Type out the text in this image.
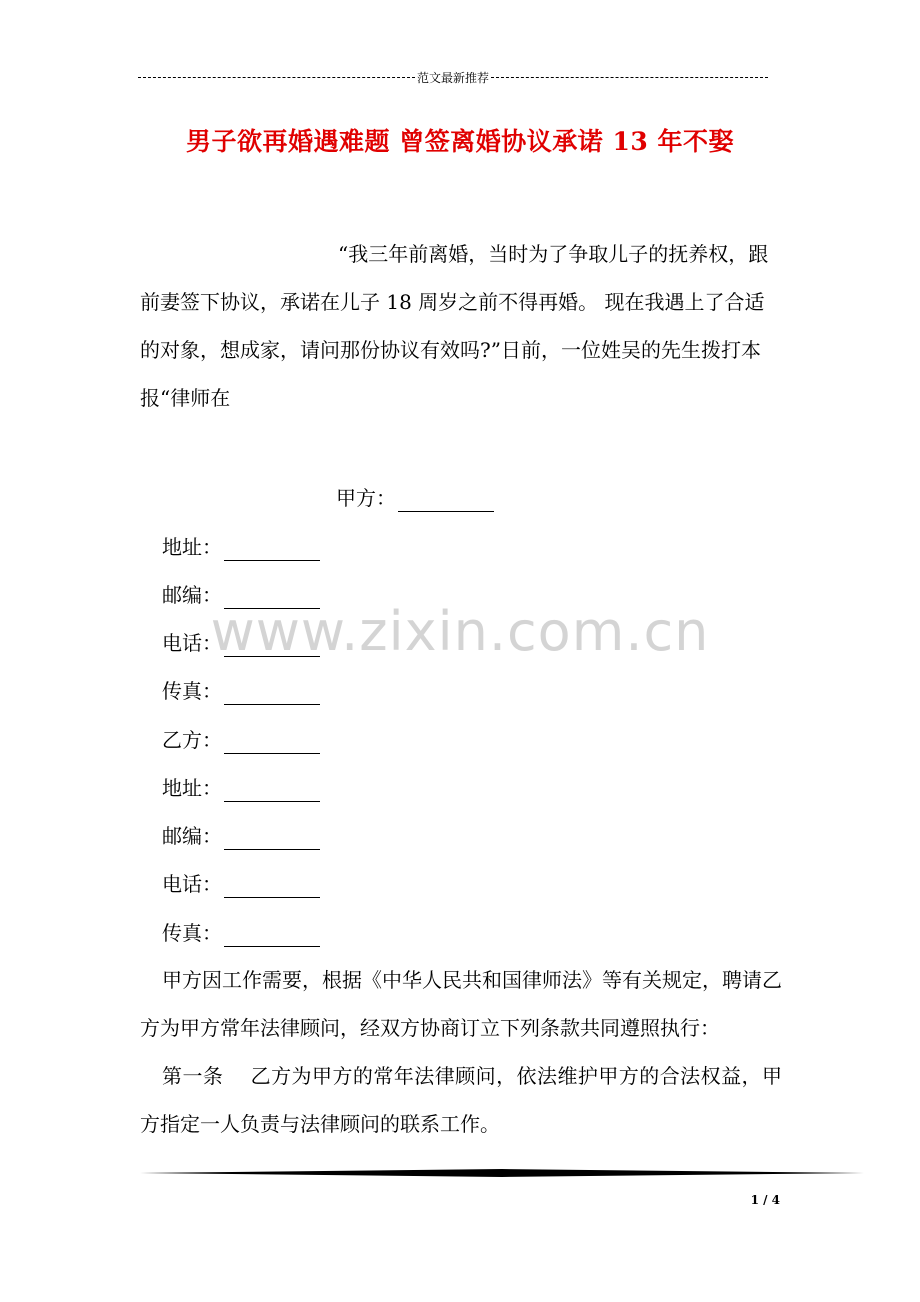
范文最新推荐
男子欲再婚遇难题 曾签离婚协议承诺 13 年不娶

“我三年前离婚，当时为了争取儿子的抚养权，跟前妻签下协议，承诺在儿子 18 周岁之前不得再婚。 现在我遇上了合适的对象，想成家，请问那份协议有效吗?”日前，一位姓吴的先生拨打本报“律师在

甲方：
地址：
邮编：
电话：
传真：
乙方：
地址：
邮编：
电话：
传真：

甲方因工作需要，根据《中华人民共和国律师法》等有关规定，聘请乙方为甲方常年法律顾问，经双方协商订立下列条款共同遵照执行：

第一条　 乙方为甲方的常年法律顾问，依法维护甲方的合法权益，甲方指定一人负责与法律顾问的联系工作。

www.zixin.com.cn
1 / 4
